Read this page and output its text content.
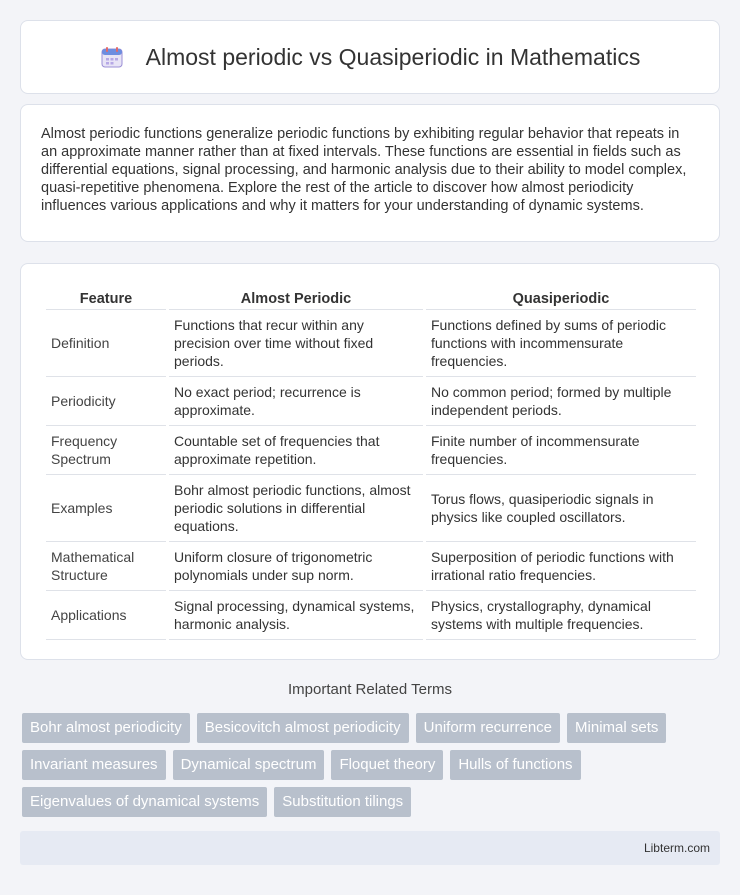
Almost periodic vs Quasiperiodic in Mathematics

Almost periodic functions generalize periodic functions by exhibiting regular behavior that repeats in an approximate manner rather than at fixed intervals. These functions are essential in fields such as differential equations, signal processing, and harmonic analysis due to their ability to model complex, quasi-repetitive phenomena. Explore the rest of the article to discover how almost periodicity influences various applications and why it matters for your understanding of dynamic systems.

Feature	Almost Periodic	Quasiperiodic
Definition	Functions that recur within any precision over time without fixed periods.	Functions defined by sums of periodic functions with incommensurate frequencies.
Periodicity	No exact period; recurrence is approximate.	No common period; formed by multiple independent periods.
Frequency Spectrum	Countable set of frequencies that approximate repetition.	Finite number of incommensurate frequencies.
Examples	Bohr almost periodic functions, almost periodic solutions in differential equations.	Torus flows, quasiperiodic signals in physics like coupled oscillators.
Mathematical Structure	Uniform closure of trigonometric polynomials under sup norm.	Superposition of periodic functions with irrational ratio frequencies.
Applications	Signal processing, dynamical systems, harmonic analysis.	Physics, crystallography, dynamical systems with multiple frequencies.
Important Related Terms
Bohr almost periodicity	Besicovitch almost periodicity	Uniform recurrence	Minimal sets
Invariant measures	Dynamical spectrum	Floquet theory	Hulls of functions
Eigenvalues of dynamical systems	Substitution tilings
Libterm.com
